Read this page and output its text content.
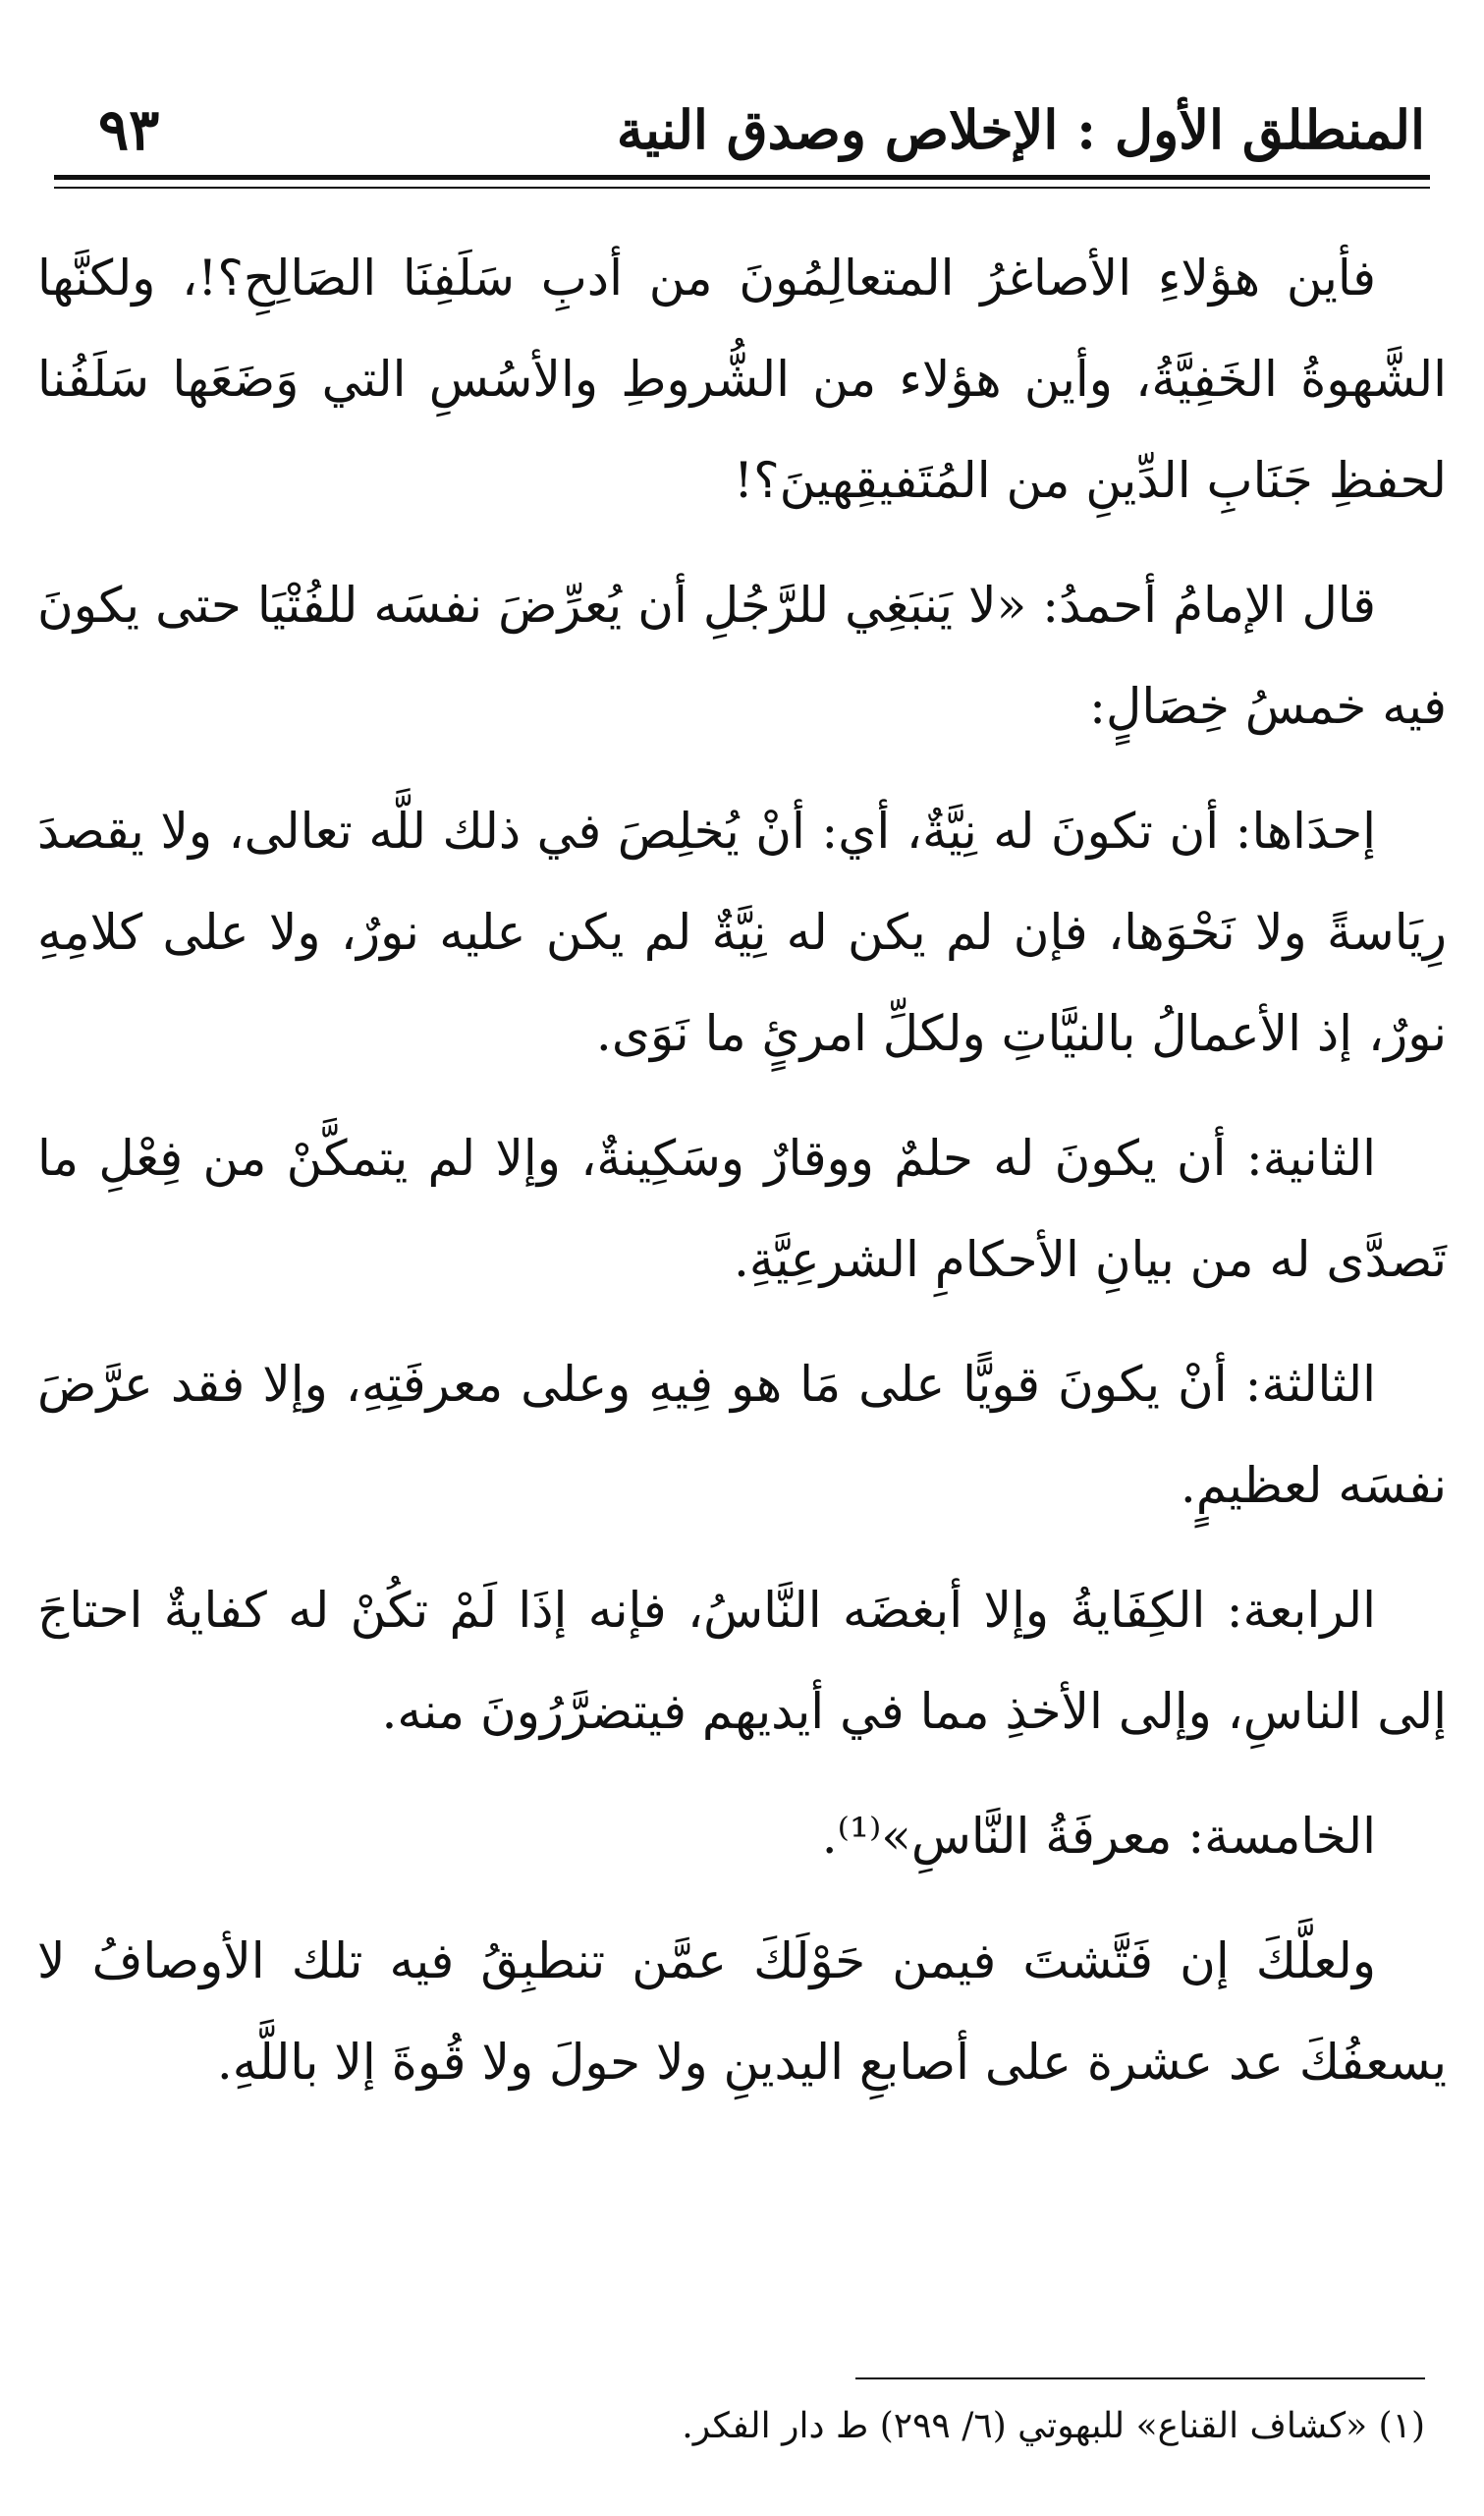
المنطلق الأول : الإخلاص وصدق النية
٩٣

فأين هؤلاءِ الأصاغرُ المتعالِمُونَ من أدبِ سَلَفِنَا الصَالِحِ؟!، ولكنَّها الشَّهوةُ الخَفِيَّةُ، وأين هؤلاء من الشُّروطِ والأسُسِ التي وَضَعَها سَلَفُنا لحفظِ جَنَابِ الدِّينِ من المُتَفيقِهينَ؟!

قال الإمامُ أحمدُ: «لا يَنبَغِي للرَّجُلِ أن يُعرِّضَ نفسَه للفُتْيَا حتى يكونَ فيه خمسُ خِصَالٍ:

إحدَاها: أن تكونَ له نِيَّةٌ، أي: أنْ يُخلِصَ في ذلك للَّه تعالى، ولا يقصدَ رِيَاسةً ولا نَحْوَها، فإن لم يكن له نِيَّةٌ لم يكن عليه نورٌ، ولا على كلامِهِ نورٌ، إذ الأعمالُ بالنيَّاتِ ولكلِّ امرئٍ ما نَوَى.

الثانية: أن يكونَ له حلمٌ ووقارٌ وسَكِينةٌ، وإلا لم يتمكَّنْ من فِعْلِ ما تَصدَّى له من بيانِ الأحكامِ الشرعِيَّةِ.

الثالثة: أنْ يكونَ قويًّا على مَا هو فِيهِ وعلى معرفَتِهِ، وإلا فقد عرَّضَ نفسَه لعظيمٍ.

الرابعة: الكِفَايةُ وإلا أبغضَه النَّاسُ، فإنه إذَا لَمْ تكُنْ له كفايةٌ احتاجَ إلى الناسِ، وإلى الأخذِ مما في أيديهم فيتضرَّرُونَ منه.

الخامسة: معرفَةُ النَّاسِ»⁽¹⁾.

ولعلَّكَ إن فَتَّشتَ فيمن حَوْلَكَ عمَّن تنطبِقُ فيه تلك الأوصافُ لا يسعفُكَ عد عشرة على أصابعِ اليدينِ ولا حولَ ولا قُوةَ إلا باللَّهِ.

(١) «كشاف القناع» للبهوتي (٦/ ٢٩٩) ط دار الفكر.
